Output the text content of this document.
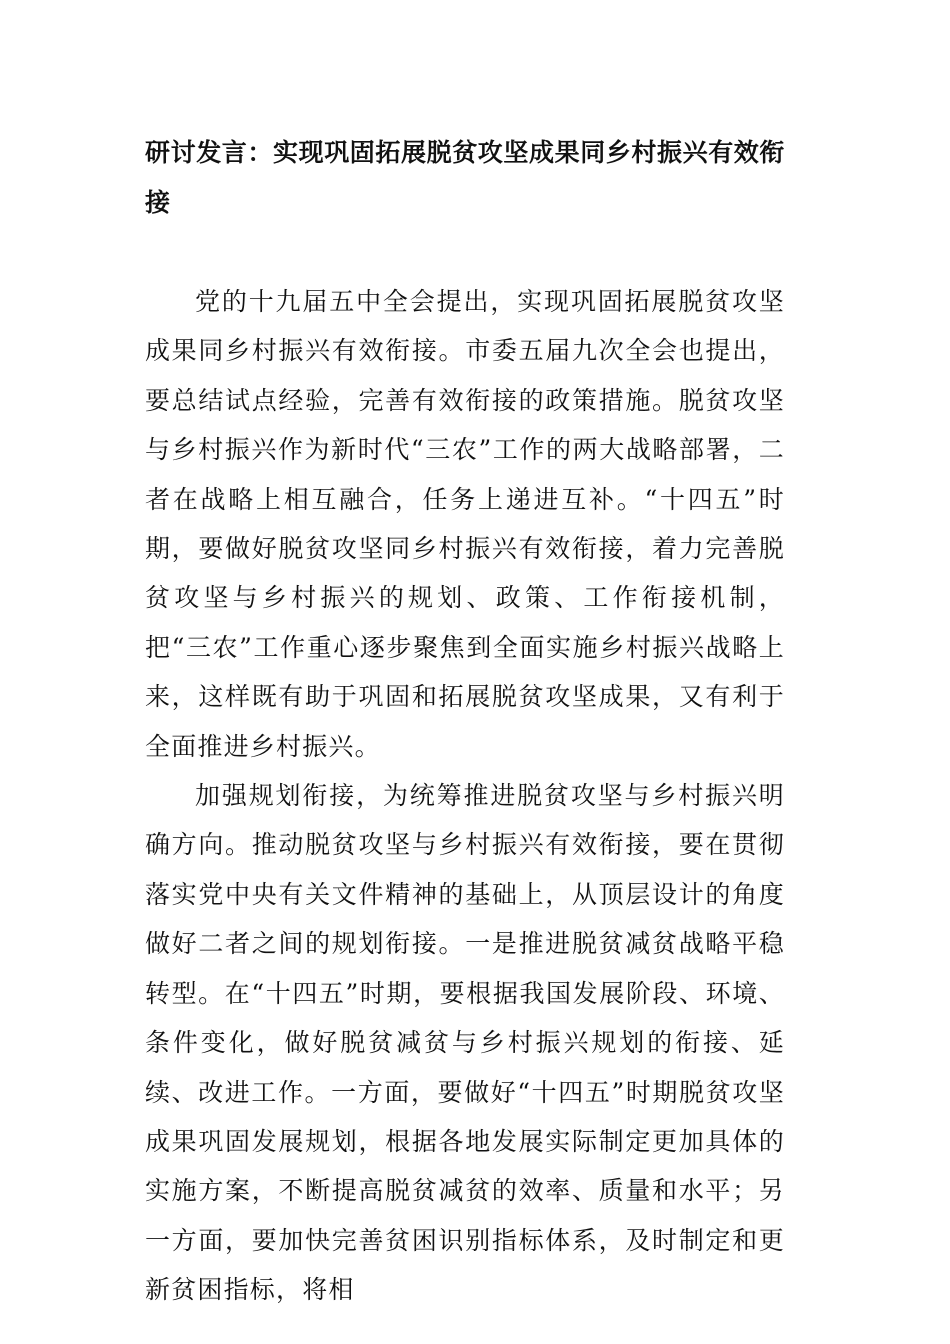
研讨发言：实现巩固拓展脱贫攻坚成果同乡村振兴有效衔接

党的十九届五中全会提出，实现巩固拓展脱贫攻坚成果同乡村振兴有效衔接。市委五届九次全会也提出，要总结试点经验，完善有效衔接的政策措施。脱贫攻坚与乡村振兴作为新时代“三农”工作的两大战略部署，二者在战略上相互融合，任务上递进互补。“十四五”时期，要做好脱贫攻坚同乡村振兴有效衔接，着力完善脱贫攻坚与乡村振兴的规划、政策、工作衔接机制，把“三农”工作重心逐步聚焦到全面实施乡村振兴战略上来，这样既有助于巩固和拓展脱贫攻坚成果，又有利于全面推进乡村振兴。

加强规划衔接，为统筹推进脱贫攻坚与乡村振兴明确方向。推动脱贫攻坚与乡村振兴有效衔接，要在贯彻落实党中央有关文件精神的基础上，从顶层设计的角度做好二者之间的规划衔接。一是推进脱贫减贫战略平稳转型。在“十四五”时期，要根据我国发展阶段、环境、条件变化，做好脱贫减贫与乡村振兴规划的衔接、延续、改进工作。一方面，要做好“十四五”时期脱贫攻坚成果巩固发展规划，根据各地发展实际制定更加具体的实施方案，不断提高脱贫减贫的效率、质量和水平；另一方面，要加快完善贫困识别指标体系，及时制定和更新贫困指标，将相
